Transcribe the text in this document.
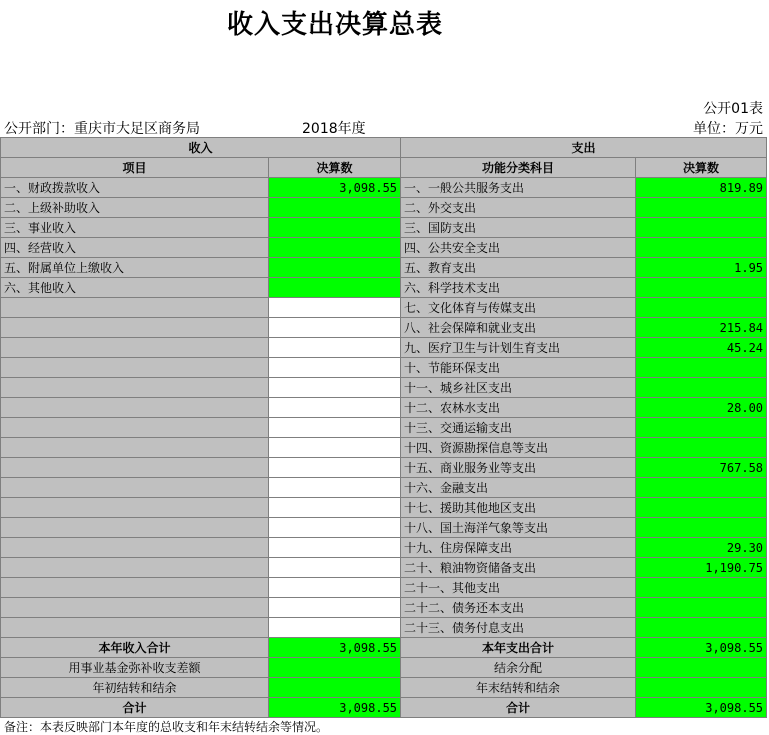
收入支出决算总表
公开01表
公开部门：重庆市大足区商务局	2018年度	单位：万元
收入		支出	
项目	决算数	功能分类科目	决算数
一、财政拨款收入	3,098.55	一、一般公共服务支出	819.89
二、上级补助收入		二、外交支出	
三、事业收入		三、国防支出	
四、经营收入		四、公共安全支出	
五、附属单位上缴收入		五、教育支出	1.95
六、其他收入		六、科学技术支出	
		七、文化体育与传媒支出	
		八、社会保障和就业支出	215.84
		九、医疗卫生与计划生育支出	45.24
		十、节能环保支出	
		十一、城乡社区支出	
		十二、农林水支出	28.00
		十三、交通运输支出	
		十四、资源勘探信息等支出	
		十五、商业服务业等支出	767.58
		十六、金融支出	
		十七、援助其他地区支出	
		十八、国土海洋气象等支出	
		十九、住房保障支出	29.30
		二十、粮油物资储备支出	1,190.75
		二十一、其他支出	
		二十二、债务还本支出	
		二十三、债务付息支出	
本年收入合计	3,098.55	本年支出合计	3,098.55
用事业基金弥补收支差额		结余分配	
年初结转和结余		年末结转和结余	
合计	3,098.55	合计	3,098.55
备注：本表反映部门本年度的总收支和年末结转结余等情况。
